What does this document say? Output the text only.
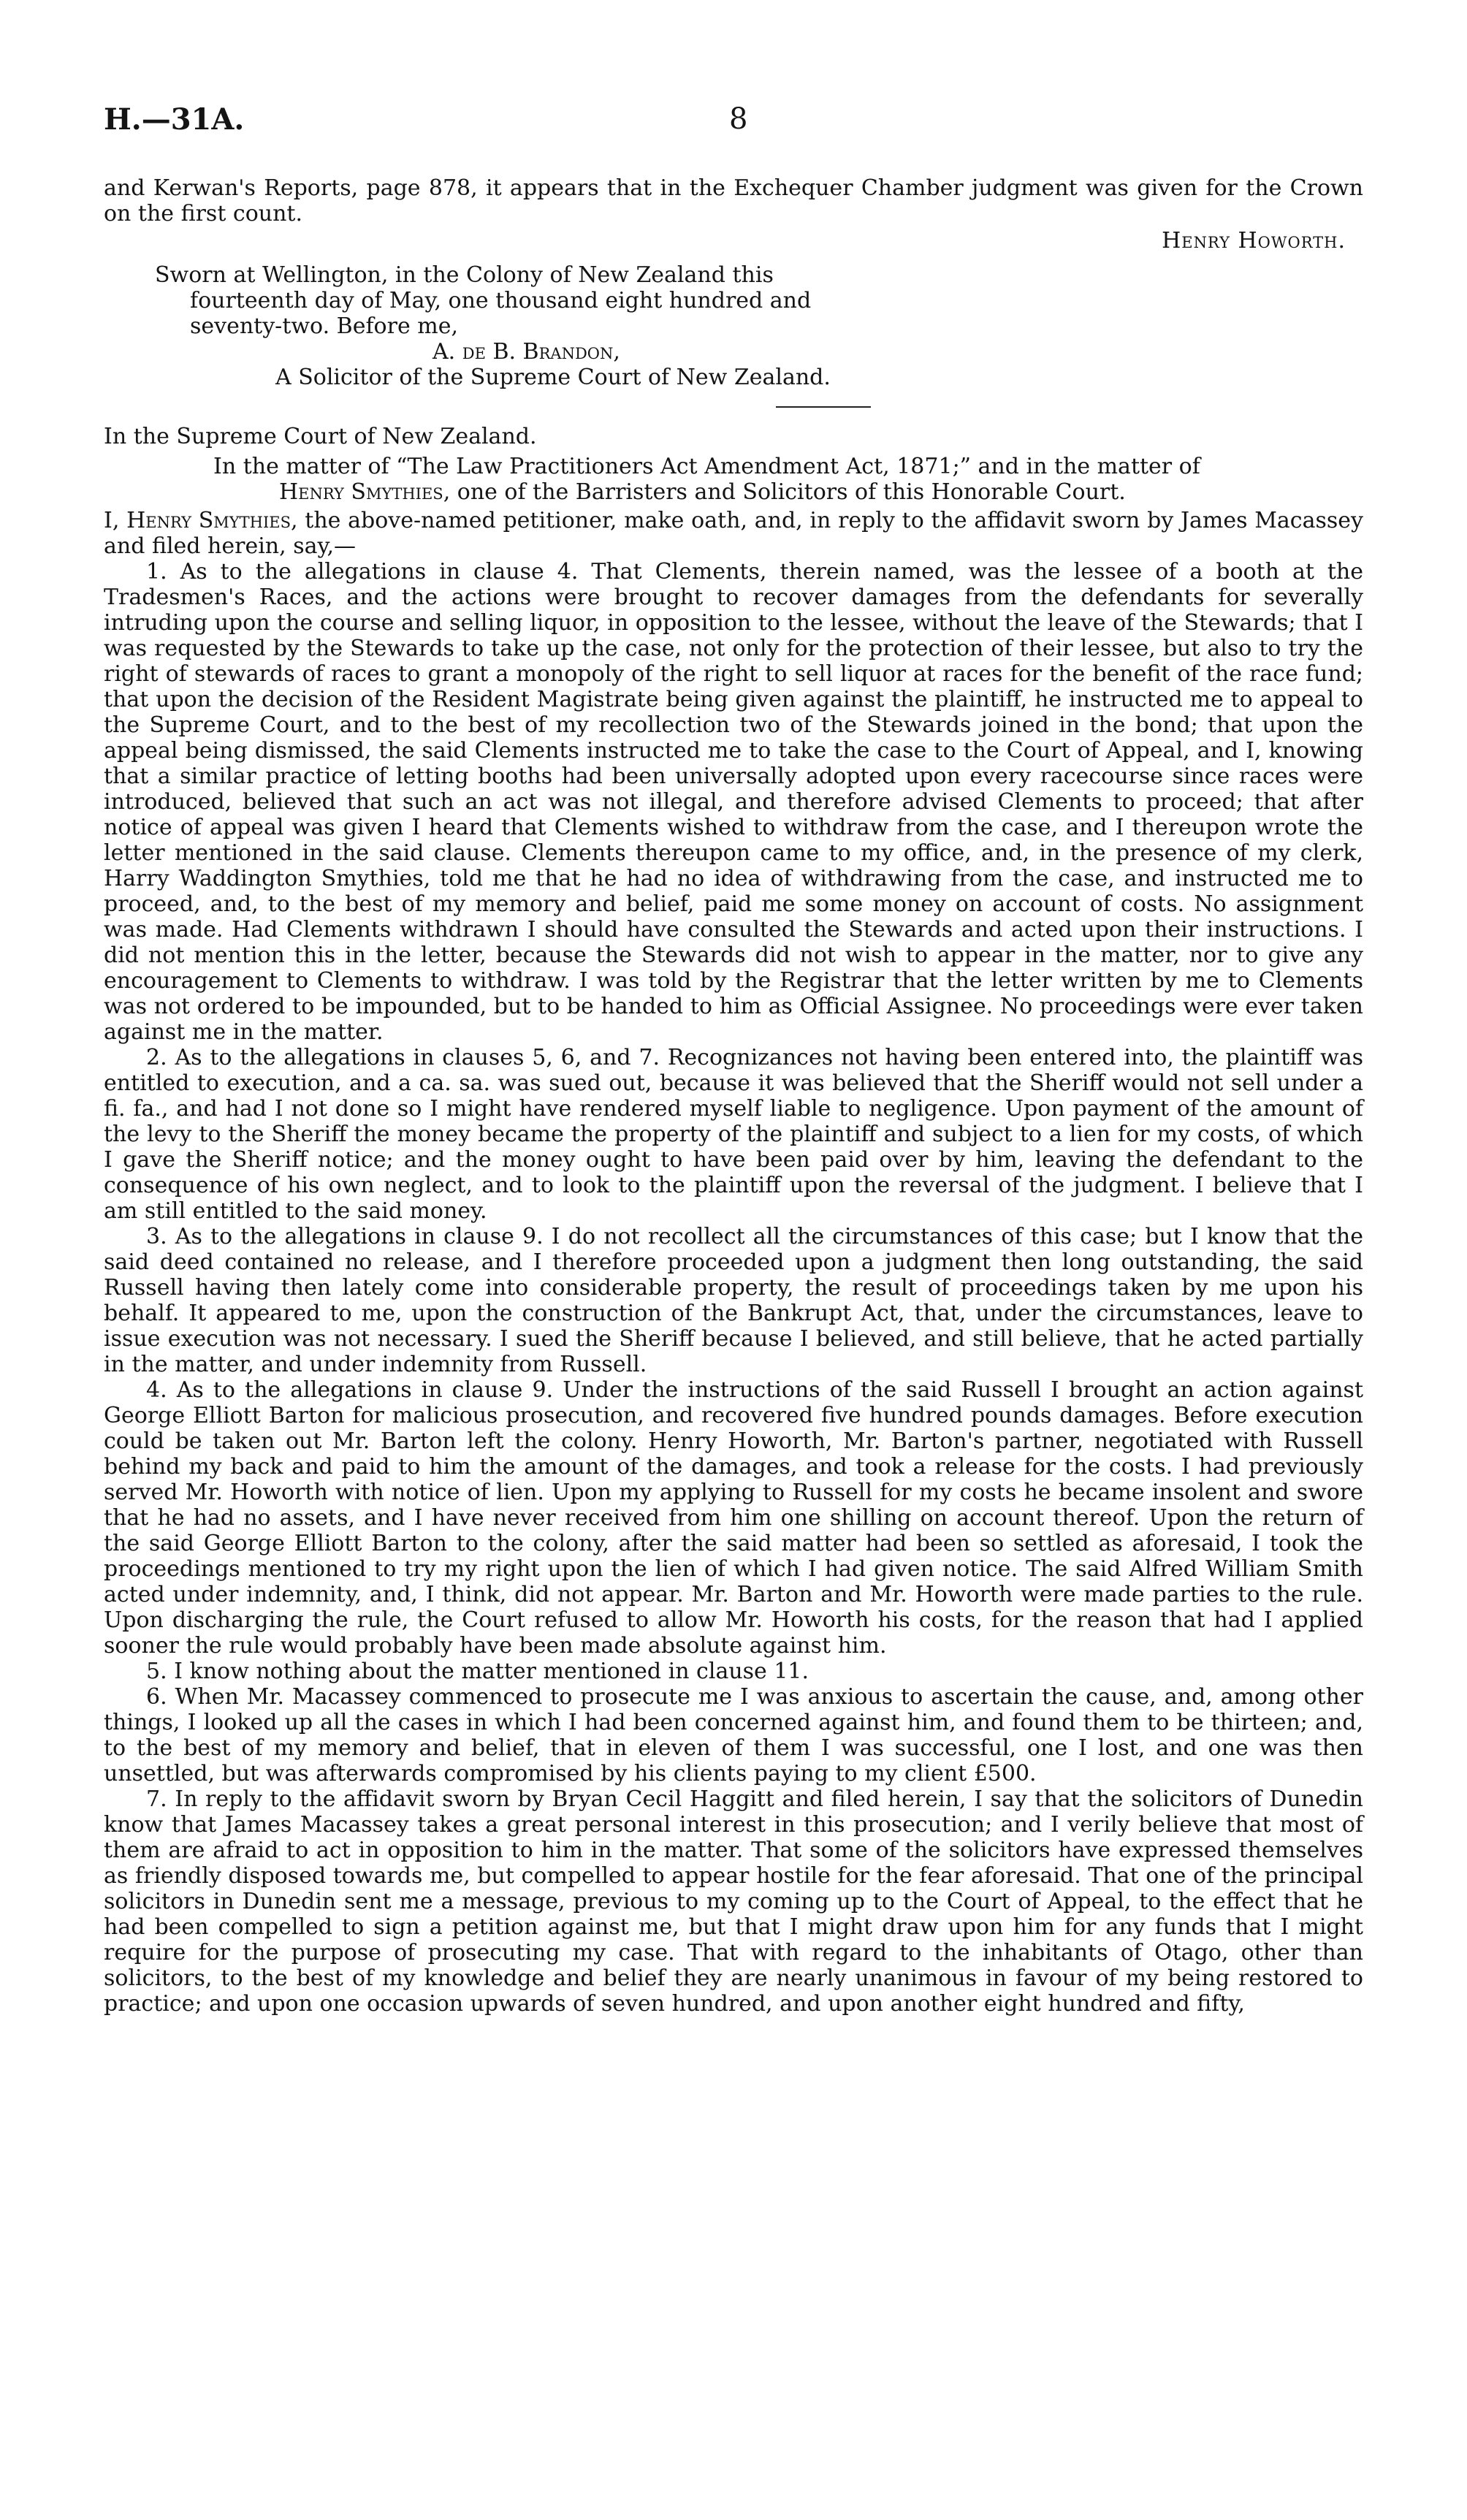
H.—31A.	8

and Kerwan's Reports, page 878, it appears that in the Exchequer Chamber judgment was given for the Crown on the first count.

Henry Howorth.

Sworn at Wellington, in the Colony of New Zealand this
fourteenth day of May, one thousand eight hundred and
seventy-two. Before me,
A. de B. Brandon,
A Solicitor of the Supreme Court of New Zealand.

In the Supreme Court of New Zealand.

In the matter of “The Law Practitioners Act Amendment Act, 1871;” and in the matter of

Henry Smythies, one of the Barristers and Solicitors of this Honorable Court.

I, Henry Smythies, the above-named petitioner, make oath, and, in reply to the affidavit sworn by James Macassey and filed herein, say,—

1. As to the allegations in clause 4. That Clements, therein named, was the lessee of a booth at the Tradesmen's Races, and the actions were brought to recover damages from the defendants for severally intruding upon the course and selling liquor, in opposition to the lessee, without the leave of the Stewards; that I was requested by the Stewards to take up the case, not only for the protection of their lessee, but also to try the right of stewards of races to grant a monopoly of the right to sell liquor at races for the benefit of the race fund; that upon the decision of the Resident Magistrate being given against the plaintiff, he instructed me to appeal to the Supreme Court, and to the best of my recollection two of the Stewards joined in the bond; that upon the appeal being dismissed, the said Clements instructed me to take the case to the Court of Appeal, and I, knowing that a similar practice of letting booths had been universally adopted upon every racecourse since races were introduced, believed that such an act was not illegal, and therefore advised Clements to proceed; that after notice of appeal was given I heard that Clements wished to withdraw from the case, and I thereupon wrote the letter mentioned in the said clause. Clements thereupon came to my office, and, in the presence of my clerk, Harry Waddington Smythies, told me that he had no idea of withdrawing from the case, and instructed me to proceed, and, to the best of my memory and belief, paid me some money on account of costs. No assignment was made. Had Clements withdrawn I should have consulted the Stewards and acted upon their instructions. I did not mention this in the letter, because the Stewards did not wish to appear in the matter, nor to give any encouragement to Clements to withdraw. I was told by the Registrar that the letter written by me to Clements was not ordered to be impounded, but to be handed to him as Official Assignee. No proceedings were ever taken against me in the matter.

2. As to the allegations in clauses 5, 6, and 7. Recognizances not having been entered into, the plaintiff was entitled to execution, and a ca. sa. was sued out, because it was believed that the Sheriff would not sell under a fi. fa., and had I not done so I might have rendered myself liable to negligence. Upon payment of the amount of the levy to the Sheriff the money became the property of the plaintiff and subject to a lien for my costs, of which I gave the Sheriff notice; and the money ought to have been paid over by him, leaving the defendant to the consequence of his own neglect, and to look to the plaintiff upon the reversal of the judgment. I believe that I am still entitled to the said money.

3. As to the allegations in clause 9. I do not recollect all the circumstances of this case; but I know that the said deed contained no release, and I therefore proceeded upon a judgment then long outstanding, the said Russell having then lately come into considerable property, the result of proceedings taken by me upon his behalf. It appeared to me, upon the construction of the Bankrupt Act, that, under the circumstances, leave to issue execution was not necessary. I sued the Sheriff because I believed, and still believe, that he acted partially in the matter, and under indemnity from Russell.

4. As to the allegations in clause 9. Under the instructions of the said Russell I brought an action against George Elliott Barton for malicious prosecution, and recovered five hundred pounds damages. Before execution could be taken out Mr. Barton left the colony. Henry Howorth, Mr. Barton's partner, negotiated with Russell behind my back and paid to him the amount of the damages, and took a release for the costs. I had previously served Mr. Howorth with notice of lien. Upon my applying to Russell for my costs he became insolent and swore that he had no assets, and I have never received from him one shilling on account thereof. Upon the return of the said George Elliott Barton to the colony, after the said matter had been so settled as aforesaid, I took the proceedings mentioned to try my right upon the lien of which I had given notice. The said Alfred William Smith acted under indemnity, and, I think, did not appear. Mr. Barton and Mr. Howorth were made parties to the rule. Upon discharging the rule, the Court refused to allow Mr. Howorth his costs, for the reason that had I applied sooner the rule would probably have been made absolute against him.

5. I know nothing about the matter mentioned in clause 11.

6. When Mr. Macassey commenced to prosecute me I was anxious to ascertain the cause, and, among other things, I looked up all the cases in which I had been concerned against him, and found them to be thirteen; and, to the best of my memory and belief, that in eleven of them I was successful, one I lost, and one was then unsettled, but was afterwards compromised by his clients paying to my client £500.

7. In reply to the affidavit sworn by Bryan Cecil Haggitt and filed herein, I say that the solicitors of Dunedin know that James Macassey takes a great personal interest in this prosecution; and I verily believe that most of them are afraid to act in opposition to him in the matter. That some of the solicitors have expressed themselves as friendly disposed towards me, but compelled to appear hostile for the fear aforesaid. That one of the principal solicitors in Dunedin sent me a message, previous to my coming up to the Court of Appeal, to the effect that he had been compelled to sign a petition against me, but that I might draw upon him for any funds that I might require for the purpose of prosecuting my case. That with regard to the inhabitants of Otago, other than solicitors, to the best of my knowledge and belief they are nearly unanimous in favour of my being restored to practice; and upon one occasion upwards of seven hundred, and upon another eight hundred and fifty,
